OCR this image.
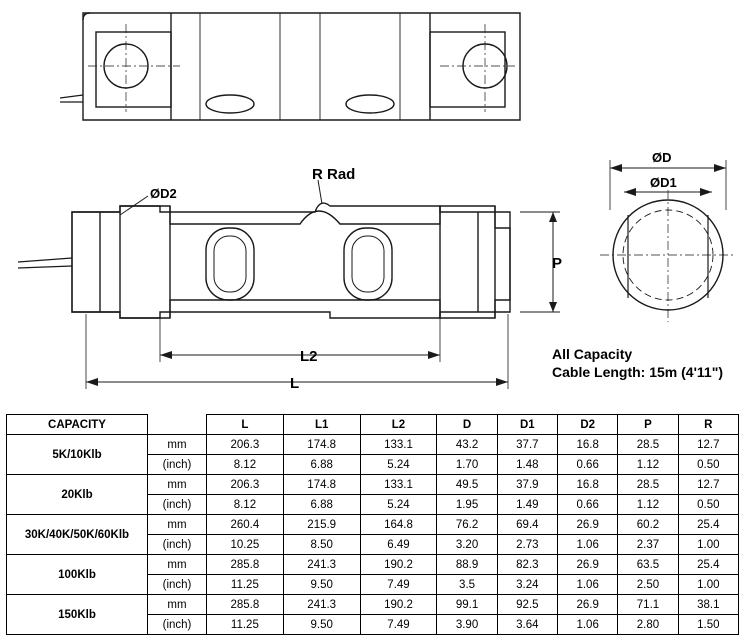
R Rad
ØD2
ØD
ØD1
P
L2
L
All Capacity
Cable Length: 15m (4'11")
CAPACITY		L	L1	L2	D	D1	D2	P	R
5K/10Klb	mm	206.3	174.8	133.1	43.2	37.7	16.8	28.5	12.7
	(inch)	8.12	6.88	5.24	1.70	1.48	0.66	1.12	0.50
20Klb	mm	206.3	174.8	133.1	49.5	37.9	16.8	28.5	12.7
	(inch)	8.12	6.88	5.24	1.95	1.49	0.66	1.12	0.50
30K/40K/50K/60Klb	mm	260.4	215.9	164.8	76.2	69.4	26.9	60.2	25.4
	(inch)	10.25	8.50	6.49	3.20	2.73	1.06	2.37	1.00
100Klb	mm	285.8	241.3	190.2	88.9	82.3	26.9	63.5	25.4
	(inch)	11.25	9.50	7.49	3.5	3.24	1.06	2.50	1.00
150Klb	mm	285.8	241.3	190.2	99.1	92.5	26.9	71.1	38.1
	(inch)	11.25	9.50	7.49	3.90	3.64	1.06	2.80	1.50
